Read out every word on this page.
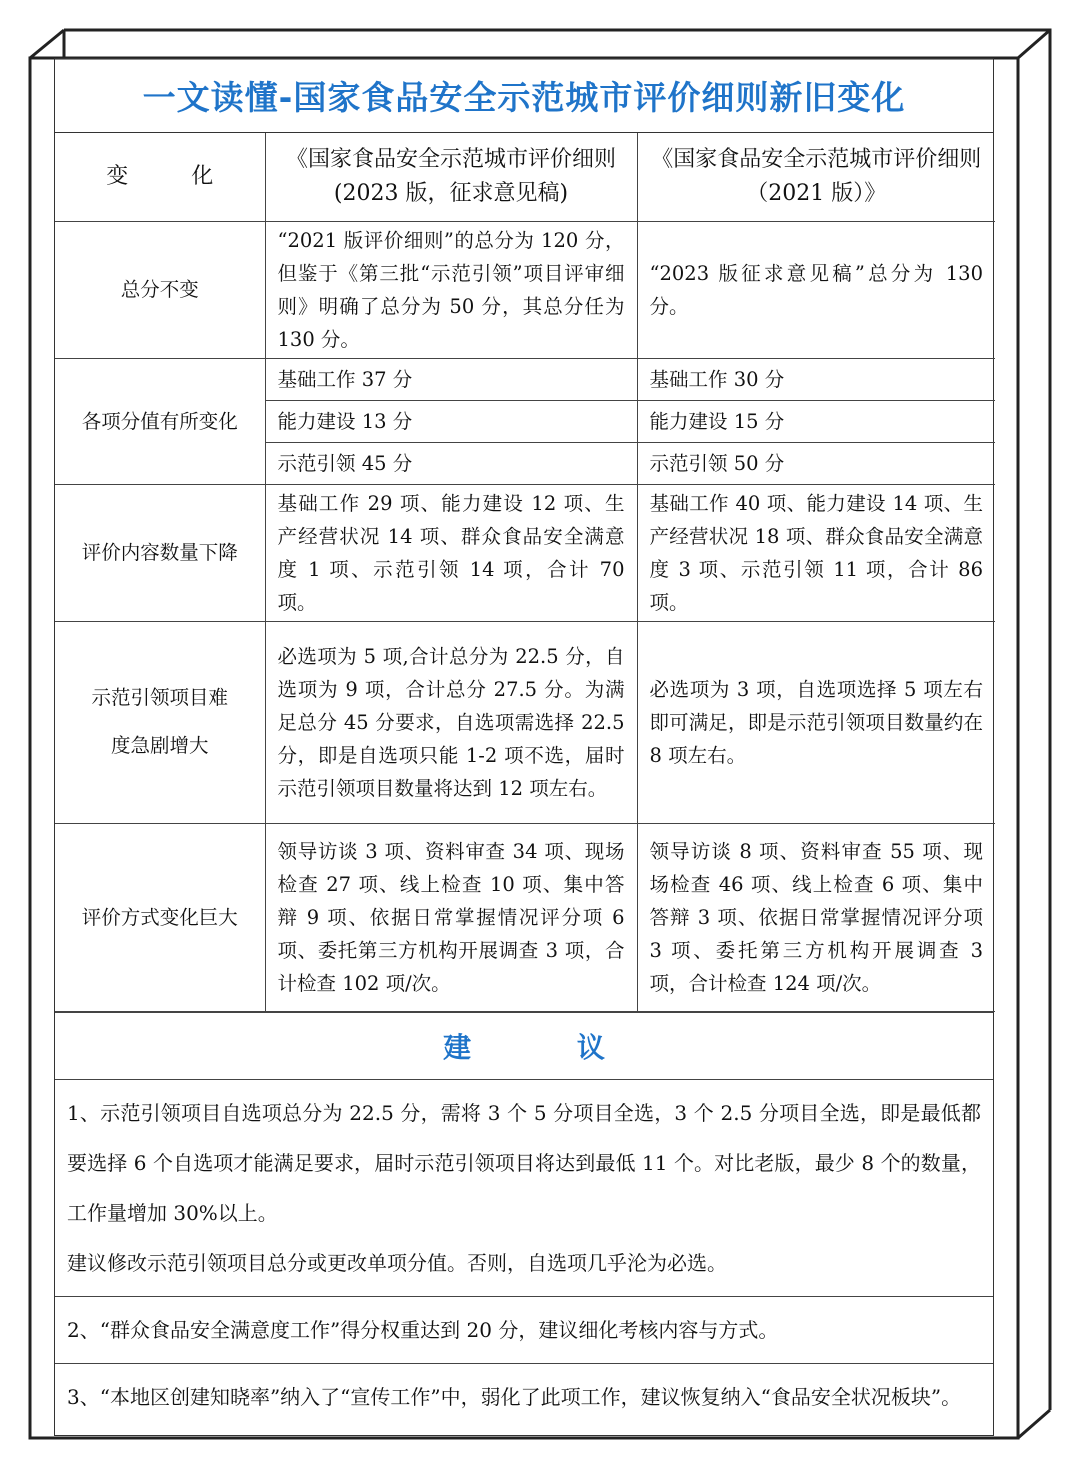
一文读懂-国家食品安全示范城市评价细则新旧变化
变 化	《国家食品安全示范城市评价细则(2023 版，征求意见稿)	《国家食品安全示范城市评价细则（2021 版）》
总分不变	“2021 版评价细则”的总分为 120 分，但鉴于《第三批“示范引领”项目评审细则》明确了总分为 50 分，其总分任为 130 分。	“2023 版征求意见稿”总分为 130 分。
各项分值有所变化	基础工作 37 分	基础工作 30 分
	能力建设 13 分	能力建设 15 分
	示范引领 45 分	示范引领 50 分
评价内容数量下降	基础工作 29 项、能力建设 12 项、生产经营状况 14 项、群众食品安全满意度 1 项、示范引领 14 项，合计 70 项。	基础工作 40 项、能力建设 14 项、生产经营状况 18 项、群众食品安全满意度 3 项、示范引领 11 项，合计 86 项。
示范引领项目难度急剧增大	必选项为 5 项,合计总分为 22.5 分，自选项为 9 项，合计总分 27.5 分。为满足总分 45 分要求，自选项需选择 22.5 分，即是自选项只能 1-2 项不选，届时示范引领项目数量将达到 12 项左右。	必选项为 3 项，自选项选择 5 项左右即可满足，即是示范引领项目数量约在 8 项左右。
评价方式变化巨大	领导访谈 3 项、资料审查 34 项、现场检查 27 项、线上检查 10 项、集中答辩 9 项、依据日常掌握情况评分项 6 项、委托第三方机构开展调查 3 项，合计检查 102 项/次。	领导访谈 8 项、资料审查 55 项、现场检查 46 项、线上检查 6 项、集中答辩 3 项、依据日常掌握情况评分项 3 项、委托第三方机构开展调查 3 项，合计检查 124 项/次。
建 议
1、示范引领项目自选项总分为 22.5 分，需将 3 个 5 分项目全选，3 个 2.5 分项目全选，即是最低都要选择 6 个自选项才能满足要求，届时示范引领项目将达到最低 11 个。对比老版，最少 8 个的数量，工作量增加 30%以上。
建议修改示范引领项目总分或更改单项分值。否则，自选项几乎沦为必选。
2、“群众食品安全满意度工作”得分权重达到 20 分，建议细化考核内容与方式。
3、“本地区创建知晓率”纳入了“宣传工作”中，弱化了此项工作，建议恢复纳入“食品安全状况板块”。
